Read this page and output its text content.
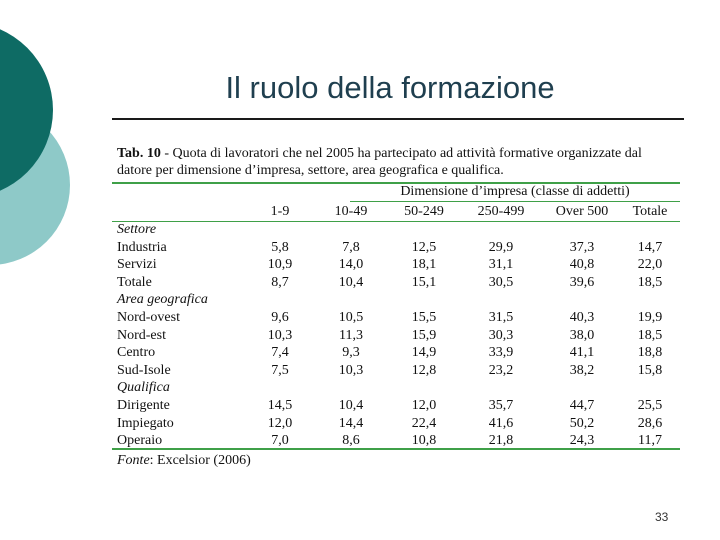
Il ruolo della formazione
Tab. 10 - Quota di lavoratori che nel 2005 ha partecipato ad attività formative organizzate dal datore per dimensione d’impresa, settore, area geografica e qualifica.
Dimensione d’impresa (classe di addetti)
1-9	10-49	50-249	250-499	Over 500	Totale
Settore
Industria	5,8	7,8	12,5	29,9	37,3	14,7
Servizi	10,9	14,0	18,1	31,1	40,8	22,0
Totale	8,7	10,4	15,1	30,5	39,6	18,5
Area geografica
Nord-ovest	9,6	10,5	15,5	31,5	40,3	19,9
Nord-est	10,3	11,3	15,9	30,3	38,0	18,5
Centro	7,4	9,3	14,9	33,9	41,1	18,8
Sud-Isole	7,5	10,3	12,8	23,2	38,2	15,8
Qualifica
Dirigente	14,5	10,4	12,0	35,7	44,7	25,5
Impiegato	12,0	14,4	22,4	41,6	50,2	28,6
Operaio	7,0	8,6	10,8	21,8	24,3	11,7
Fonte: Excelsior (2006)
33
